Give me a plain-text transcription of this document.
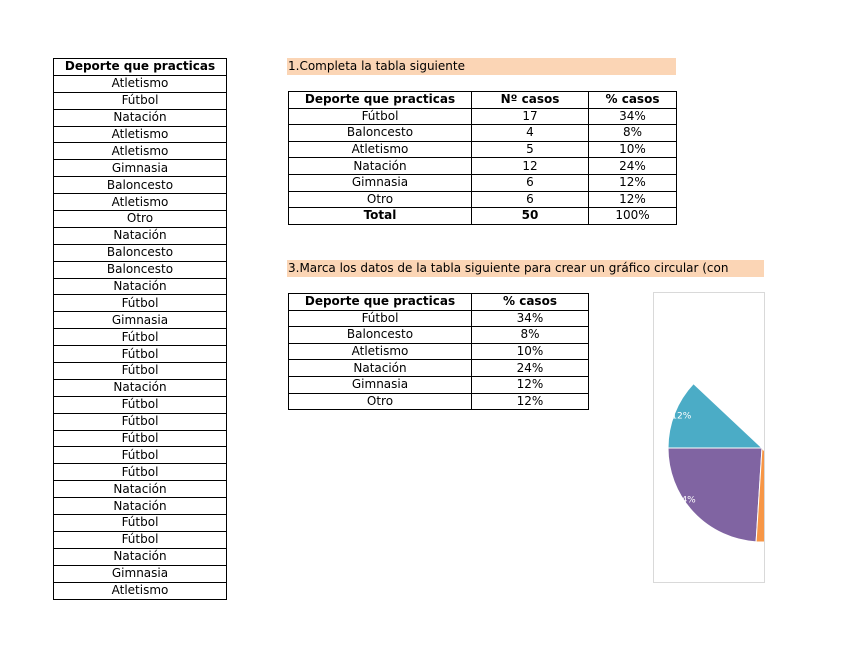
Deporte que practicas
Atletismo
Fútbol
Natación
Atletismo
Atletismo
Gimnasia
Baloncesto
Atletismo
Otro
Natación
Baloncesto
Baloncesto
Natación
Fútbol
Gimnasia
Fútbol
Fútbol
Fútbol
Natación
Fútbol
Fútbol
Fútbol
Fútbol
Fútbol
Natación
Natación
Fútbol
Fútbol
Natación
Gimnasia
Atletismo
1.Completa la tabla siguiente
Deporte que practicas	Nº casos	% casos
Fútbol	17	34%
Baloncesto	4	8%
Atletismo	5	10%
Natación	12	24%
Gimnasia	6	12%
Otro	6	12%
Total	50	100%
3.Marca los datos de la tabla siguiente para crear un gráfico circular (con
Deporte que practicas	% casos
Fútbol	34%
Baloncesto	8%
Atletismo	10%
Natación	24%
Gimnasia	12%
Otro	12%
12%
24%
